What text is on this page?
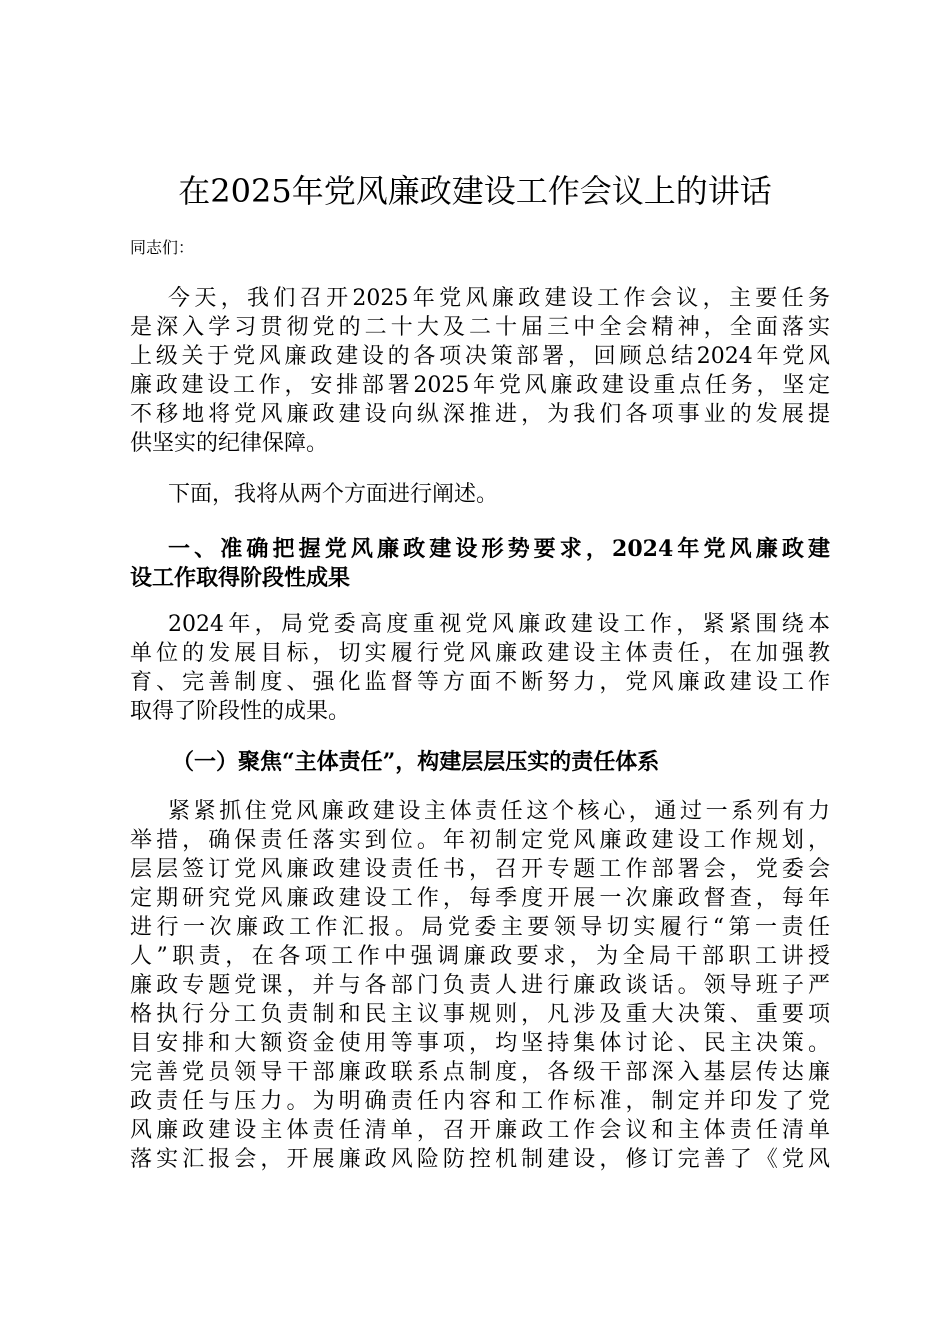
在2025年党风廉政建设工作会议上的讲话
同志们：
今天，我们召开2025年党风廉政建设工作会议，主要任务
是深入学习贯彻党的二十大及二十届三中全会精神，全面落实
上级关于党风廉政建设的各项决策部署，回顾总结2024年党风
廉政建设工作，安排部署2025年党风廉政建设重点任务，坚定
不移地将党风廉政建设向纵深推进，为我们各项事业的发展提
供坚实的纪律保障。
下面，我将从两个方面进行阐述。
一、准确把握党风廉政建设形势要求，2024年党风廉政建
设工作取得阶段性成果
2024年，局党委高度重视党风廉政建设工作，紧紧围绕本
单位的发展目标，切实履行党风廉政建设主体责任，在加强教
育、完善制度、强化监督等方面不断努力，党风廉政建设工作
取得了阶段性的成果。
（一）聚焦“主体责任”，构建层层压实的责任体系
紧紧抓住党风廉政建设主体责任这个核心，通过一系列有力
举措，确保责任落实到位。年初制定党风廉政建设工作规划，
层层签订党风廉政建设责任书，召开专题工作部署会，党委会
定期研究党风廉政建设工作，每季度开展一次廉政督查，每年
进行一次廉政工作汇报。局党委主要领导切实履行“第一责任
人”职责，在各项工作中强调廉政要求，为全局干部职工讲授
廉政专题党课，并与各部门负责人进行廉政谈话。领导班子严
格执行分工负责制和民主议事规则，凡涉及重大决策、重要项
目安排和大额资金使用等事项，均坚持集体讨论、民主决策。
完善党员领导干部廉政联系点制度，各级干部深入基层传达廉
政责任与压力。为明确责任内容和工作标准，制定并印发了党
风廉政建设主体责任清单，召开廉政工作会议和主体责任清单
落实汇报会，开展廉政风险防控机制建设，修订完善了《党风
